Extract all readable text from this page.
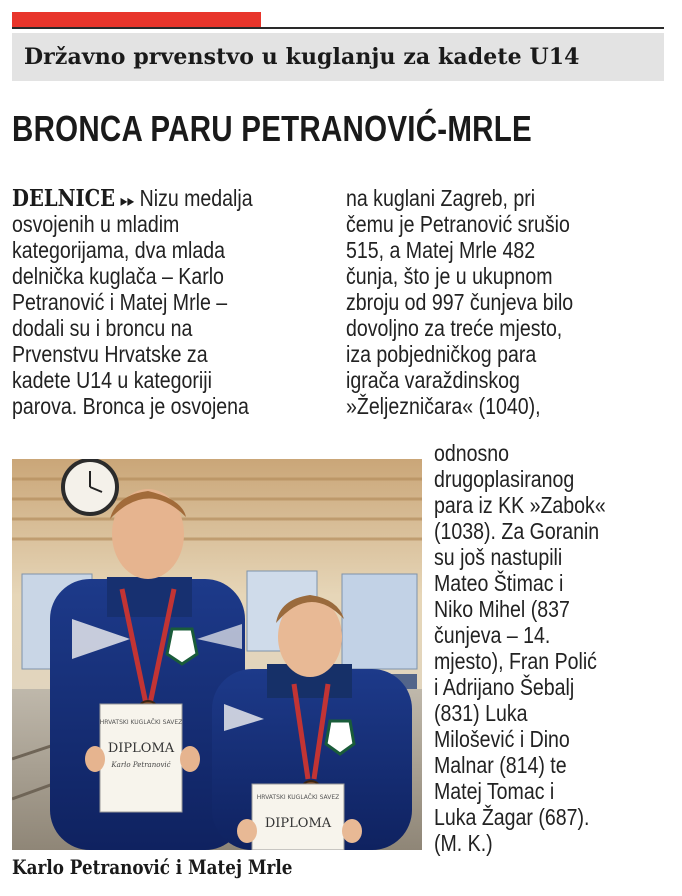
Državno prvenstvo u kuglanju za kadete U14
BRONCA PARU PETRANOVIĆ-MRLE
DELNICE ▸▸ Nizu medalja
osvojenih u mladim
kategorijama, dva mlada
delnička kuglača – Karlo
Petranović i Matej Mrle –
dodali su i broncu na
Prvenstvu Hrvatske za
kadete U14 u kategoriji
parova. Bronca je osvojena
na kuglani Zagreb, pri
čemu je Petranović srušio
515, a Matej Mrle 482
čunja, što je u ukupnom
zbroju od 997 čunjeva bilo
dovoljno za treće mjesto,
iza pobjedničkog para
igrača varaždinskog
»Željezničara« (1040),
odnosno
drugoplasiranog
para iz KK »Zabok«
(1038). Za Goranin
su još nastupili
Mateo Štimac i
Niko Mihel (837
čunjeva – 14.
mjesto), Fran Polić
i Adrijano Šebalj
(831) Luka
Milošević i Dino
Malnar (814) te
Matej Tomac i
Luka Žagar (687).
(M. K.)
HRVATSKI KUGLAČKI SAVEZ
DIPLOMA
Karlo Petranović
HRVATSKI KUGLAČKI SAVEZ
DIPLOMA
Karlo Petranović i Matej Mrle
